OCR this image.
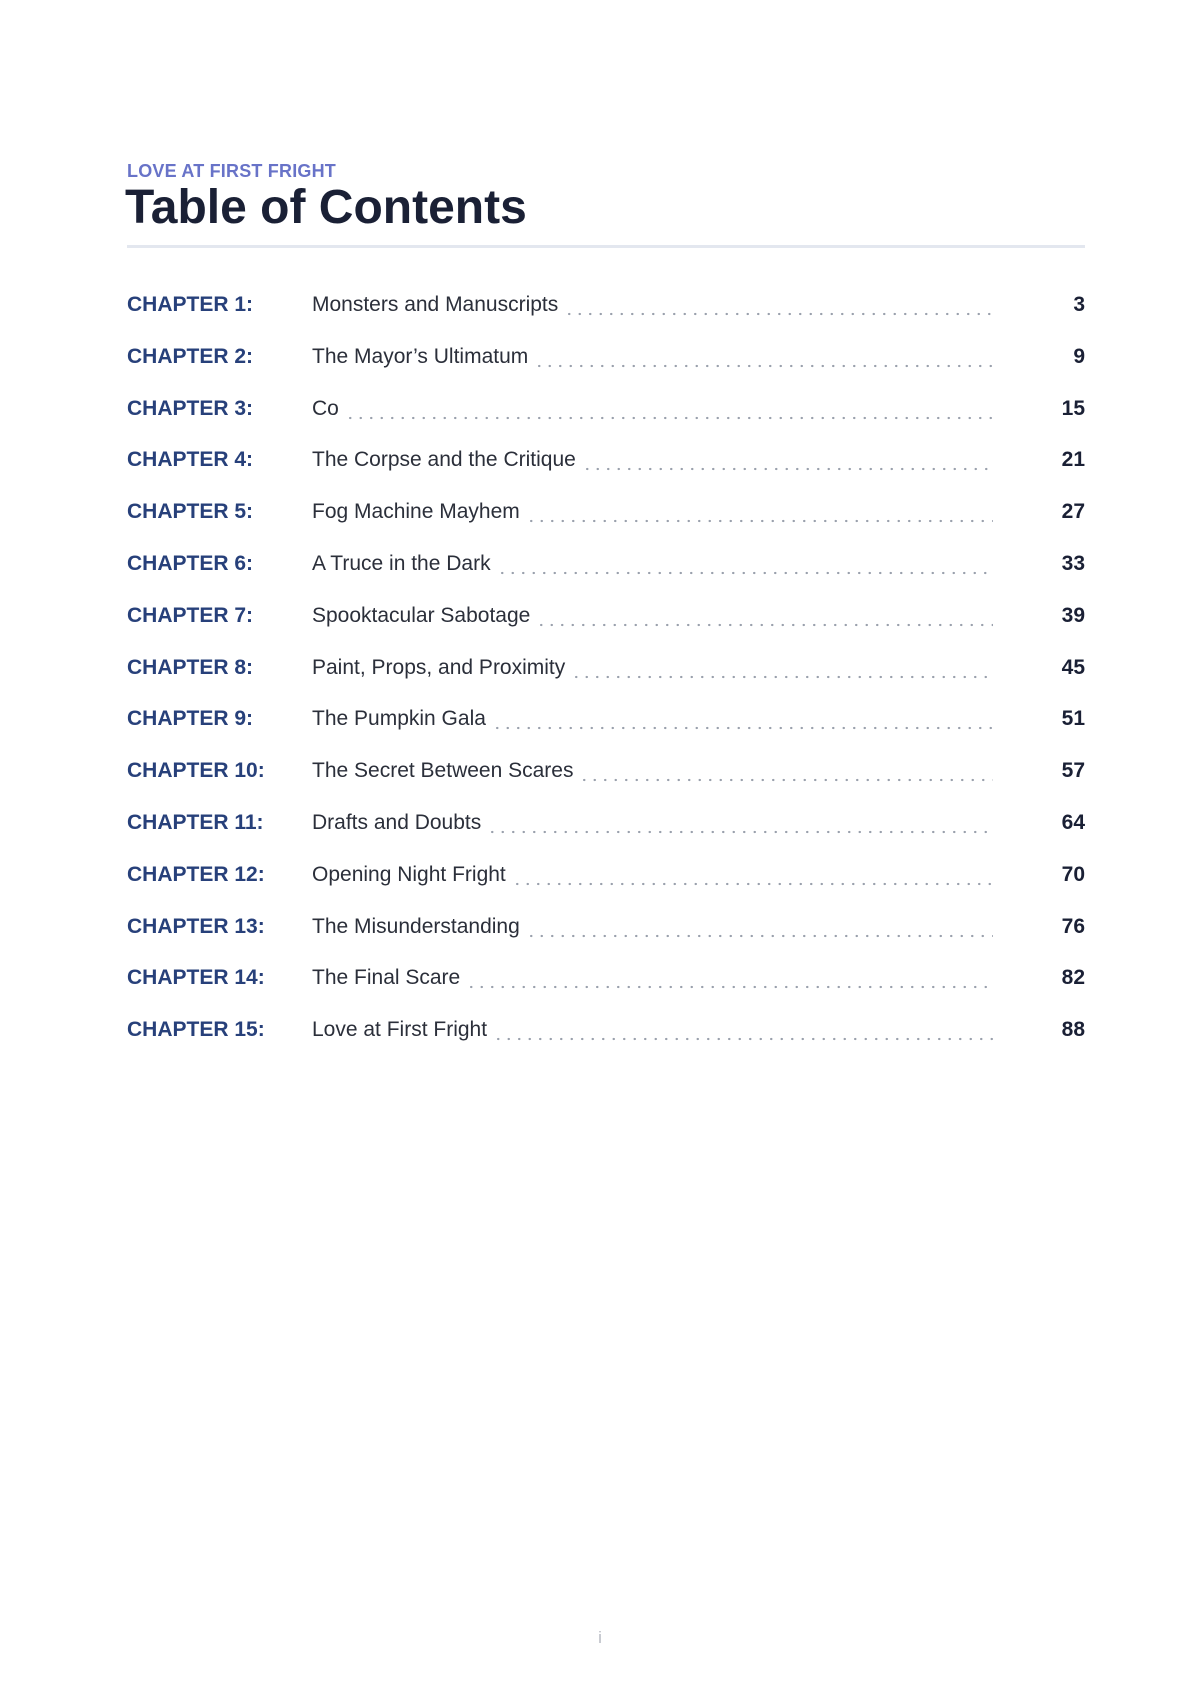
LOVE AT FIRST FRIGHT
Table of Contents
CHAPTER 1:	Monsters and Manuscripts	3
CHAPTER 2:	The Mayor’s Ultimatum	9
CHAPTER 3:	Co	15
CHAPTER 4:	The Corpse and the Critique	21
CHAPTER 5:	Fog Machine Mayhem	27
CHAPTER 6:	A Truce in the Dark	33
CHAPTER 7:	Spooktacular Sabotage	39
CHAPTER 8:	Paint, Props, and Proximity	45
CHAPTER 9:	The Pumpkin Gala	51
CHAPTER 10:	The Secret Between Scares	57
CHAPTER 11:	Drafts and Doubts	64
CHAPTER 12:	Opening Night Fright	70
CHAPTER 13:	The Misunderstanding	76
CHAPTER 14:	The Final Scare	82
CHAPTER 15:	Love at First Fright	88
i
